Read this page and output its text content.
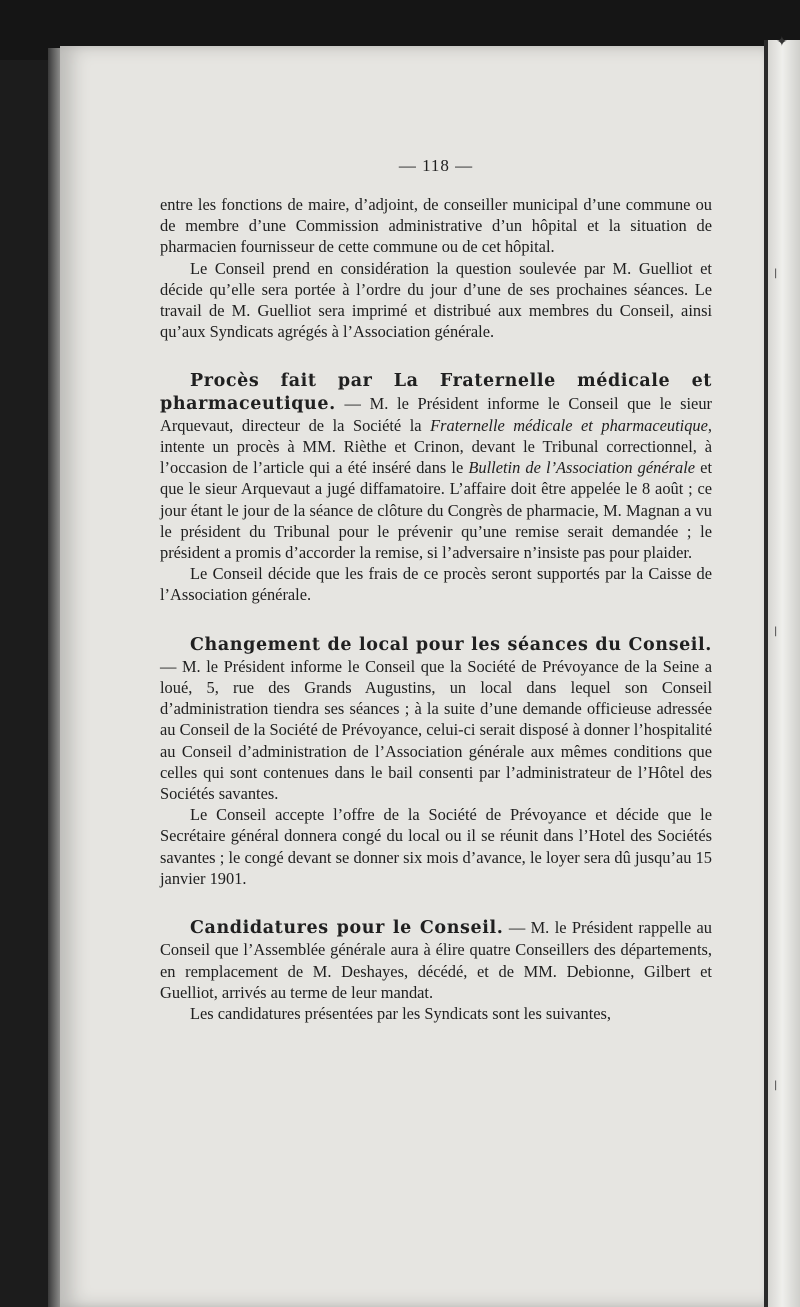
✦
|
|
|
— 118 —

entre les fonctions de maire, d’adjoint, de conseiller municipal d’une commune ou de membre d’une Commission administrative d’un hôpital et la situation de pharmacien fournisseur de cette commune ou de cet hôpital.

Le Conseil prend en considération la question soulevée par M. Guelliot et décide qu’elle sera portée à l’ordre du jour d’une de ses prochaines séances. Le travail de M. Guelliot sera imprimé et distribué aux membres du Conseil, ainsi qu’aux Syndicats agrégés à l’Association générale.

Procès fait par La Fraternelle médicale et pharmaceutique. — M. le Président informe le Conseil que le sieur Arquevaut, directeur de la Société la Fraternelle médicale et pharmaceutique, intente un procès à MM. Rièthe et Crinon, devant le Tribunal correctionnel, à l’occasion de l’article qui a été inséré dans le Bulletin de l’Association générale et que le sieur Arquevaut a jugé diffamatoire. L’affaire doit être appelée le 8 août ; ce jour étant le jour de la séance de clôture du Congrès de pharmacie, M. Magnan a vu le président du Tribunal pour le prévenir qu’une remise serait demandée ; le président a promis d’accorder la remise, si l’adversaire n’insiste pas pour plaider.

Le Conseil décide que les frais de ce procès seront supportés par la Caisse de l’Association générale.

Changement de local pour les séances du Conseil. — M. le Président informe le Conseil que la Société de Prévoyance de la Seine a loué, 5, rue des Grands Augustins, un local dans lequel son Conseil d’administration tiendra ses séances ; à la suite d’une demande officieuse adressée au Conseil de la Société de Prévoyance, celui-ci serait disposé à donner l’hospitalité au Conseil d’administration de l’Association générale aux mêmes conditions que celles qui sont contenues dans le bail consenti par l’administrateur de l’Hôtel des Sociétés savantes.

Le Conseil accepte l’offre de la Société de Prévoyance et décide que le Secrétaire général donnera congé du local ou il se réunit dans l’Hotel des Sociétés savantes ; le congé devant se donner six mois d’avance, le loyer sera dû jusqu’au 15 janvier 1901.

Candidatures pour le Conseil. — M. le Président rappelle au Conseil que l’Assemblée générale aura à élire quatre Conseillers des départements, en remplacement de M. Deshayes, décédé, et de MM. Debionne, Gilbert et Guelliot, arrivés au terme de leur mandat.

Les candidatures présentées par les Syndicats sont les suivantes,
